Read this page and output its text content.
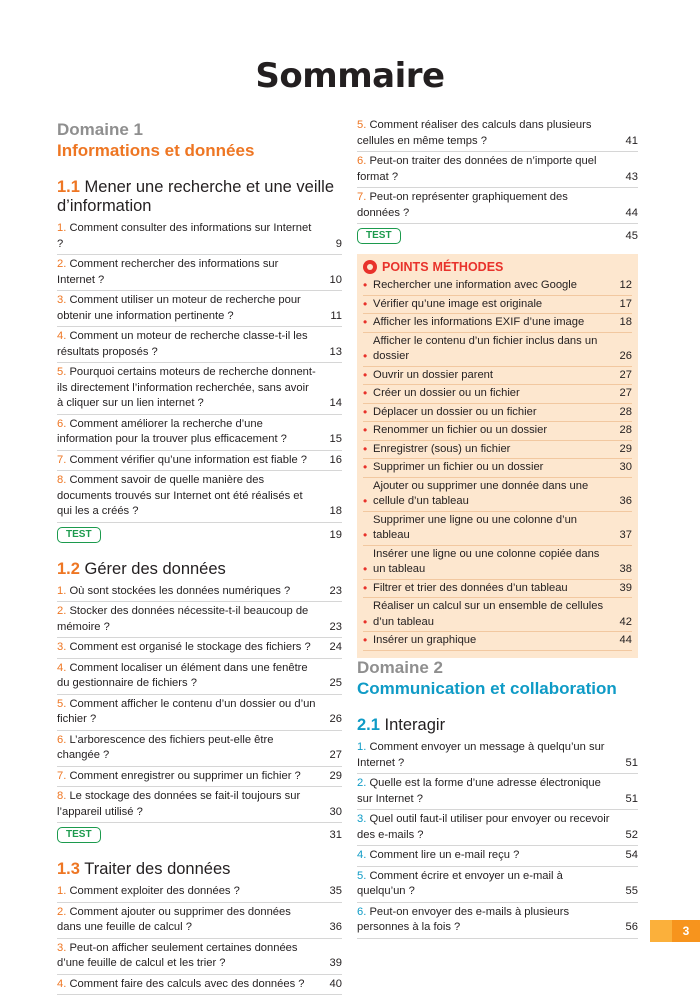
Sommaire
Domaine 1
Informations et données
1.1 Mener une recherche et une veille d’information
1. Comment consulter des informations sur Internet ?	9
2. Comment rechercher des informations sur Internet ?	10
3. Comment utiliser un moteur de recherche pour obtenir une information pertinente ?	11
4. Comment un moteur de recherche classe-t-il les résultats proposés ?	13
5. Pourquoi certains moteurs de recherche donnent-ils directement l’information recherchée, sans avoir à cliquer sur un lien internet ?	14
6. Comment améliorer la recherche d’une information pour la trouver plus efficacement ?	15
7. Comment vérifier qu’une information est fiable ?	16
8. Comment savoir de quelle manière des documents trouvés sur Internet ont été réalisés et qui les a créés ?	18
TEST	19
1.2 Gérer des données
1. Où sont stockées les données numériques ?	23
2. Stocker des données nécessite-t-il beaucoup de mémoire ?	23
3. Comment est organisé le stockage des fichiers ?	24
4. Comment localiser un élément dans une fenêtre du gestionnaire de fichiers ?	25
5. Comment afficher le contenu d’un dossier ou d’un fichier ?	26
6. L’arborescence des fichiers peut-elle être changée ?	27
7. Comment enregistrer ou supprimer un fichier ?	29
8. Le stockage des données se fait-il toujours sur l’appareil utilisé ?	30
TEST	31
1.3 Traiter des données
1. Comment exploiter des données ?	35
2. Comment ajouter ou supprimer des données dans une feuille de calcul ?	36
3. Peut-on afficher seulement certaines données d’une feuille de calcul et les trier ?	39
4. Comment faire des calculs avec des données ?	40
5. Comment réaliser des calculs dans plusieurs cellules en même temps ?	41
6. Peut-on traiter des données de n’importe quel format ?	43
7. Peut-on représenter graphiquement des données ?	44
TEST	45
POINTS MÉTHODES
• Rechercher une information avec Google	12
• Vérifier qu’une image est originale	17
• Afficher les informations EXIF d’une image	18
•
Afficher le contenu d’un fichier inclus dans un dossier	26
• Ouvrir un dossier parent	27
• Créer un dossier ou un fichier	27
• Déplacer un dossier ou un fichier	28
• Renommer un fichier ou un dossier	28
• Enregistrer (sous) un fichier	29
• Supprimer un fichier ou un dossier	30
•
Ajouter ou supprimer une donnée dans une cellule d’un tableau	36
•
Supprimer une ligne ou une colonne d’un tableau	37
•
Insérer une ligne ou une colonne copiée dans un tableau	38
• Filtrer et trier des données d’un tableau	39
•
Réaliser un calcul sur un ensemble de cellules d’un tableau	42
• Insérer un graphique	44
Domaine 2
Communication et collaboration
2.1 Interagir
1. Comment envoyer un message à quelqu’un sur Internet ?	51
2. Quelle est la forme d’une adresse électronique sur Internet ?	51
3. Quel outil faut-il utiliser pour envoyer ou recevoir des e-mails ?	52
4. Comment lire un e-mail reçu ?	54
5. Comment écrire et envoyer un e-mail à quelqu’un ?	55
6. Peut-on envoyer des e-mails à plusieurs personnes à la fois ?	56	3
